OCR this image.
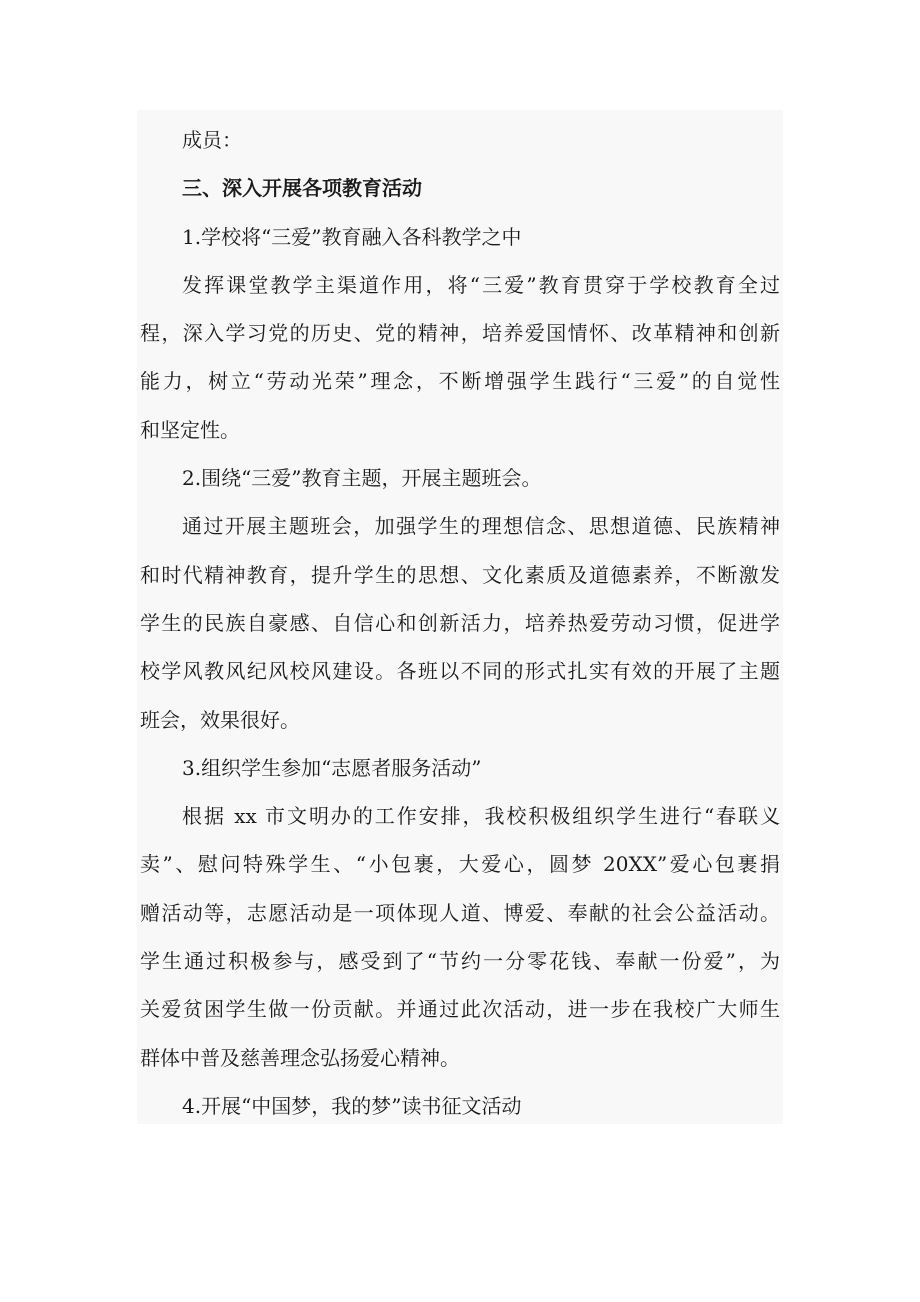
成员：

三、深入开展各项教育活动

1.学校将“三爱”教育融入各科教学之中

发挥课堂教学主渠道作用，将“三爱”教育贯穿于学校教育全过

程，深入学习党的历史、党的精神，培养爱国情怀、改革精神和创新

能力，树立“劳动光荣”理念，不断增强学生践行“三爱”的自觉性

和坚定性。

2.围绕“三爱”教育主题，开展主题班会。

通过开展主题班会，加强学生的理想信念、思想道德、民族精神

和时代精神教育，提升学生的思想、文化素质及道德素养，不断激发

学生的民族自豪感、自信心和创新活力，培养热爱劳动习惯，促进学

校学风教风纪风校风建设。各班以不同的形式扎实有效的开展了主题

班会，效果很好。

3.组织学生参加“志愿者服务活动”

根据 xx 市文明办的工作安排，我校积极组织学生进行“春联义

卖”、慰问特殊学生、“小包裹，大爱心，圆梦 20XX”爱心包裹捐

赠活动等，志愿活动是一项体现人道、博爱、奉献的社会公益活动。

学生通过积极参与，感受到了“节约一分零花钱、奉献一份爱”，为

关爱贫困学生做一份贡献。并通过此次活动，进一步在我校广大师生

群体中普及慈善理念弘扬爱心精神。

4.开展“中国梦，我的梦”读书征文活动
